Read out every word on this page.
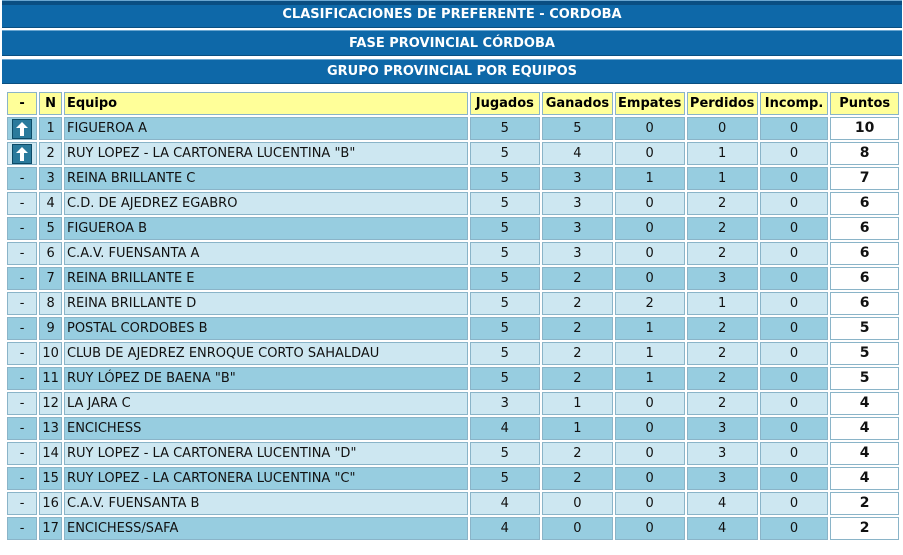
CLASIFICACIONES DE PREFERENTE - CORDOBA
FASE PROVINCIAL CÓRDOBA
GRUPO PROVINCIAL POR EQUIPOS
-	N	Equipo	Jugados	Ganados	Empates	Perdidos	Incomp.	Puntos

	1	FIGUEROA A	5	5	0	0	0	10

	2	RUY LOPEZ - LA CARTONERA LUCENTINA "B"	5	4	0	1	0	8
-	3	REINA BRILLANTE C	5	3	1	1	0	7
-	4	C.D. DE AJEDREZ EGABRO	5	3	0	2	0	6
-	5	FIGUEROA B	5	3	0	2	0	6
-	6	C.A.V. FUENSANTA A	5	3	0	2	0	6
-	7	REINA BRILLANTE E	5	2	0	3	0	6
-	8	REINA BRILLANTE D	5	2	2	1	0	6
-	9	POSTAL CORDOBES B	5	2	1	2	0	5
-	10	CLUB DE AJEDREZ ENROQUE CORTO SAHALDAU	5	2	1	2	0	5
-	11	RUY LÓPEZ DE BAENA "B"	5	2	1	2	0	5
-	12	LA JARA C	3	1	0	2	0	4
-	13	ENCICHESS	4	1	0	3	0	4
-	14	RUY LOPEZ - LA CARTONERA LUCENTINA "D"	5	2	0	3	0	4
-	15	RUY LOPEZ - LA CARTONERA LUCENTINA "C"	5	2	0	3	0	4
-	16	C.A.V. FUENSANTA B	4	0	0	4	0	2
-	17	ENCICHESS/SAFA	4	0	0	4	0	2
